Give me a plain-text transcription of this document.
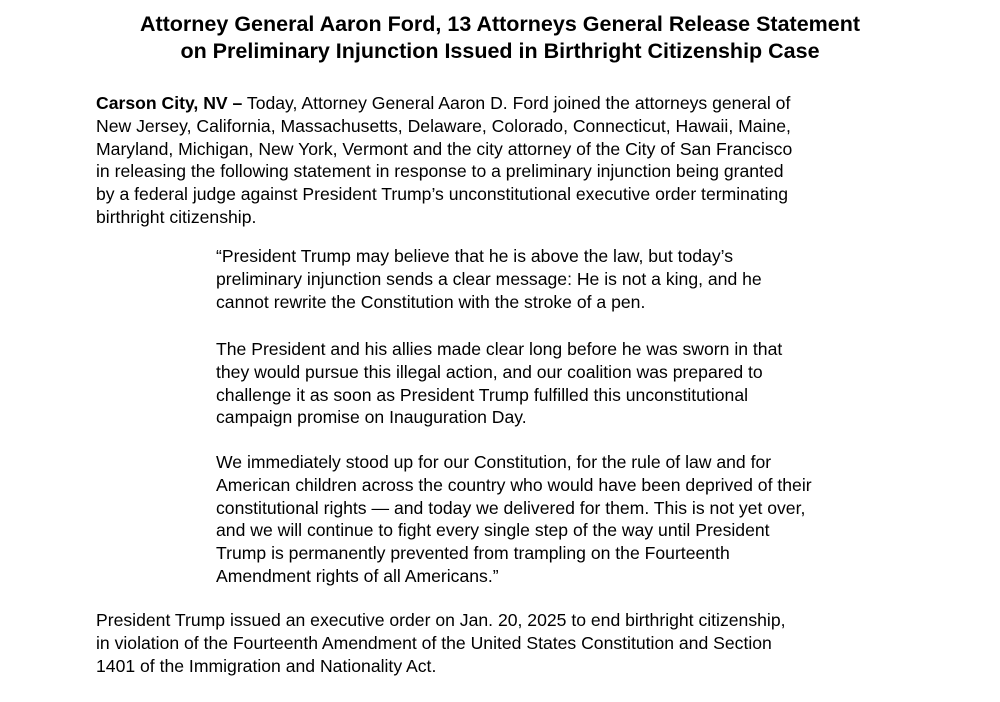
Attorney General Aaron Ford, 13 Attorneys General Release Statement
on Preliminary Injunction Issued in Birthright Citizenship Case

Carson City, NV – Today, Attorney General Aaron D. Ford joined the attorneys general of
New Jersey, California, Massachusetts, Delaware, Colorado, Connecticut, Hawaii, Maine,
Maryland, Michigan, New York, Vermont and the city attorney of the City of San Francisco
in releasing the following statement in response to a preliminary injunction being granted
by a federal judge against President Trump’s unconstitutional executive order terminating
birthright citizenship.

“President Trump may believe that he is above the law, but today’s
preliminary injunction sends a clear message: He is not a king, and he
cannot rewrite the Constitution with the stroke of a pen.

The President and his allies made clear long before he was sworn in that
they would pursue this illegal action, and our coalition was prepared to
challenge it as soon as President Trump fulfilled this unconstitutional
campaign promise on Inauguration Day.

We immediately stood up for our Constitution, for the rule of law and for
American children across the country who would have been deprived of their
constitutional rights — and today we delivered for them. This is not yet over,
and we will continue to fight every single step of the way until President
Trump is permanently prevented from trampling on the Fourteenth
Amendment rights of all Americans.”

President Trump issued an executive order on Jan. 20, 2025 to end birthright citizenship,
in violation of the Fourteenth Amendment of the United States Constitution and Section
1401 of the Immigration and Nationality Act.
